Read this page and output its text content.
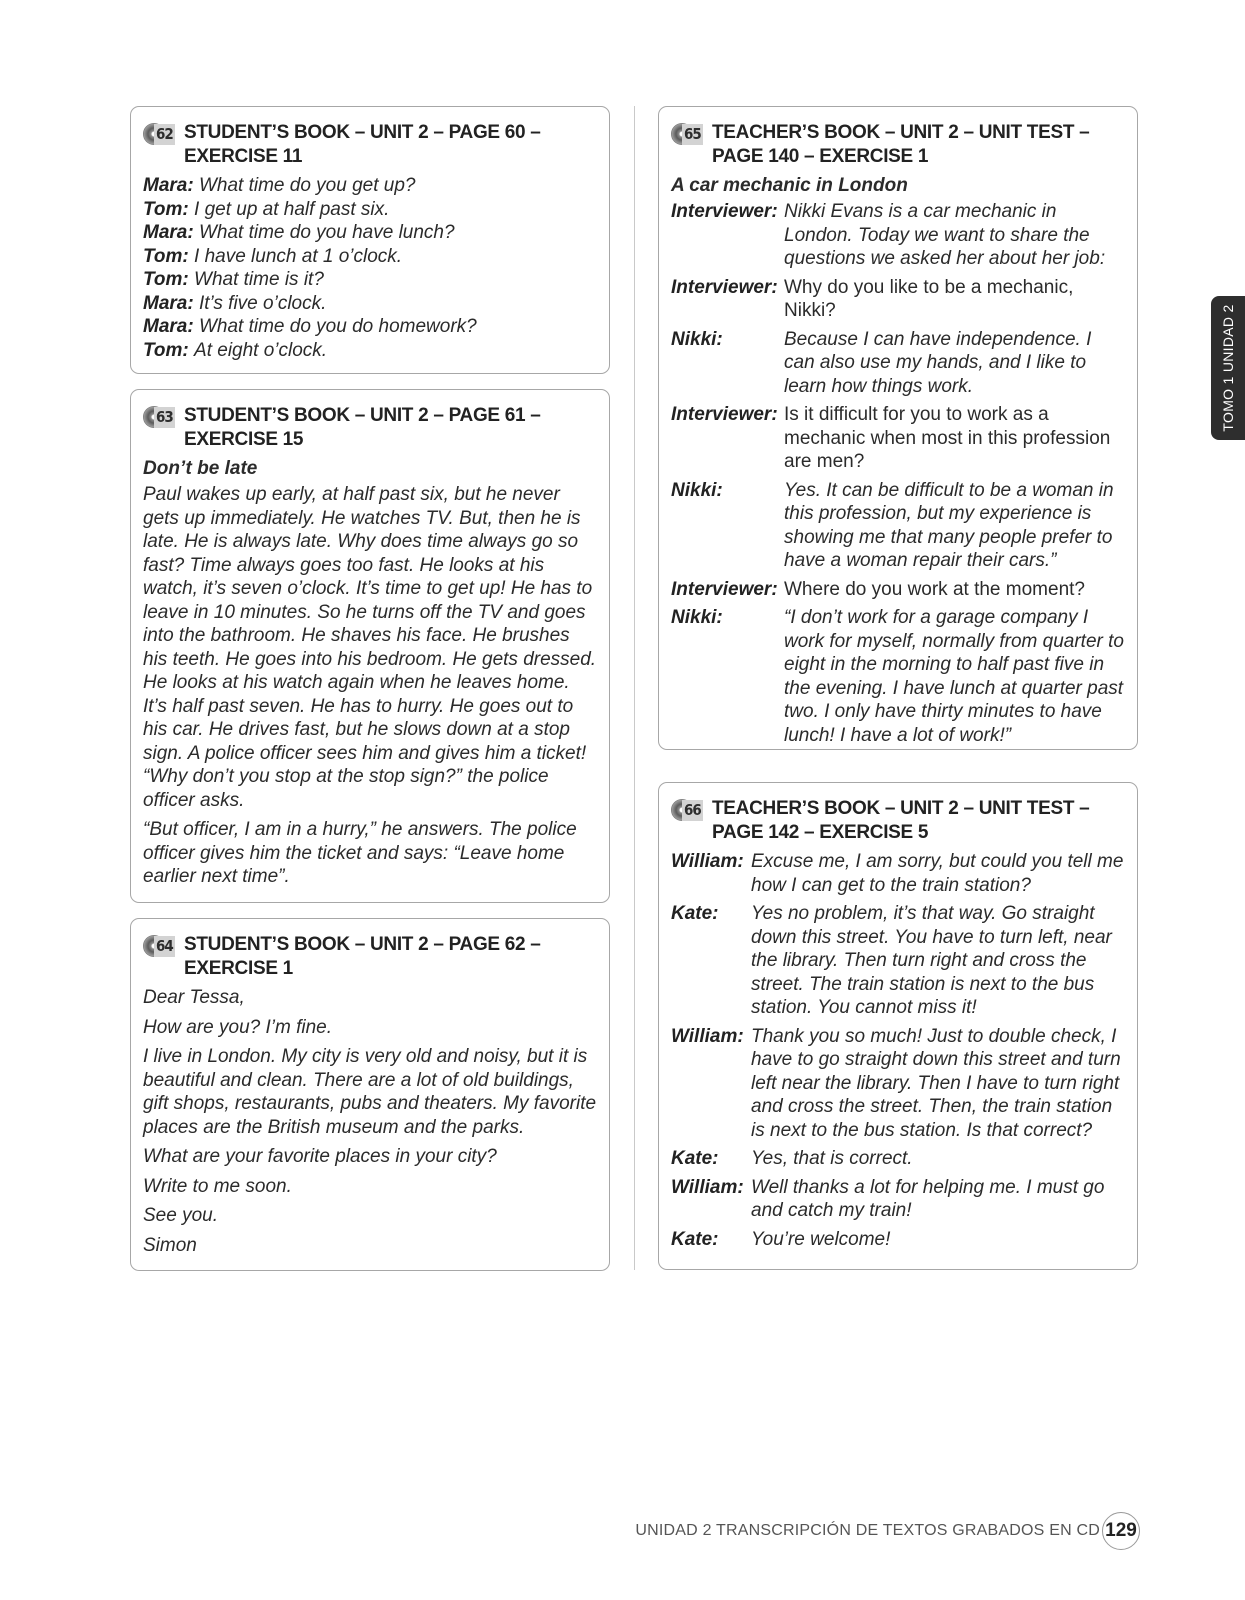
62 STUDENT’S BOOK – UNIT 2 – PAGE 60 –
EXERCISE 11
Mara: What time do you get up?
Tom: I get up at half past six.
Mara: What time do you have lunch?
Tom: I have lunch at 1 o’clock.
Tom: What time is it?
Mara: It’s five o’clock.
Mara: What time do you do homework?
Tom: At eight o’clock.
63 STUDENT’S BOOK – UNIT 2 – PAGE 61 –
EXERCISE 15
Don’t be late

Paul wakes up early, at half past six, but he never gets up immediately. He watches TV. But, then he is late. He is always late. Why does time always go so fast? Time always goes too fast. He looks at his watch, it’s seven o’clock. It’s time to get up! He has to leave in 10 minutes. So he turns off the TV and goes into the bathroom. He shaves his face. He brushes his teeth. He goes into his bedroom. He gets dressed. He looks at his watch again when he leaves home. It’s half past seven. He has to hurry. He goes out to his car. He drives fast, but he slows down at a stop sign. A police officer sees him and gives him a ticket! “Why don’t you stop at the stop sign?” the police officer asks.

“But officer, I am in a hurry,” he answers. The police officer gives him the ticket and says: “Leave home earlier next time”.

64 STUDENT’S BOOK – UNIT 2 – PAGE 62 –
EXERCISE 1

Dear Tessa,

How are you? I’m fine.

I live in London. My city is very old and noisy, but it is beautiful and clean. There are a lot of old buildings, gift shops, restaurants, pubs and theaters. My favorite places are the British museum and the parks.

What are your favorite places in your city?

Write to me soon.

See you.

Simon

65 TEACHER’S BOOK – UNIT 2 – UNIT TEST –
PAGE 140 – EXERCISE 1
A car mechanic in London
Interviewer: Nikki Evans is a car mechanic in London. Today we want to share the questions we asked her about her job:
Interviewer: Why do you like to be a mechanic, Nikki?
Nikki:	Because I can have independence. I can also use my hands, and I like to learn how things work.
Interviewer: Is it difficult for you to work as a mechanic when most in this profession are men?
Nikki:	Yes. It can be difficult to be a woman in this profession, but my experience is showing me that many people prefer to have a woman repair their cars.”
Interviewer: Where do you work at the moment?
Nikki:	“I don’t work for a garage company I work for myself, normally from quarter to eight in the morning to half past five in the evening. I have lunch at quarter past two. I only have thirty minutes to have lunch! I have a lot of work!”
66 TEACHER’S BOOK – UNIT 2 – UNIT TEST –
PAGE 142 – EXERCISE 5
William: Excuse me, I am sorry, but could you tell me how I can get to the train station?
Kate:	Yes no problem, it’s that way. Go straight down this street. You have to turn left, near the library. Then turn right and cross the street. The train station is next to the bus station. You cannot miss it!
William: Thank you so much! Just to double check, I have to go straight down this street and turn left near the library. Then I have to turn right and cross the street. Then, the train station is next to the bus station. Is that correct?
Kate:	Yes, that is correct.
William: Well thanks a lot for helping me. I must go and catch my train!
Kate:	You’re welcome!
TOMO 1 UNIDAD 2
UNIDAD 2 TRANSCRIPCIÓN DE TEXTOS GRABADOS EN CD 129
